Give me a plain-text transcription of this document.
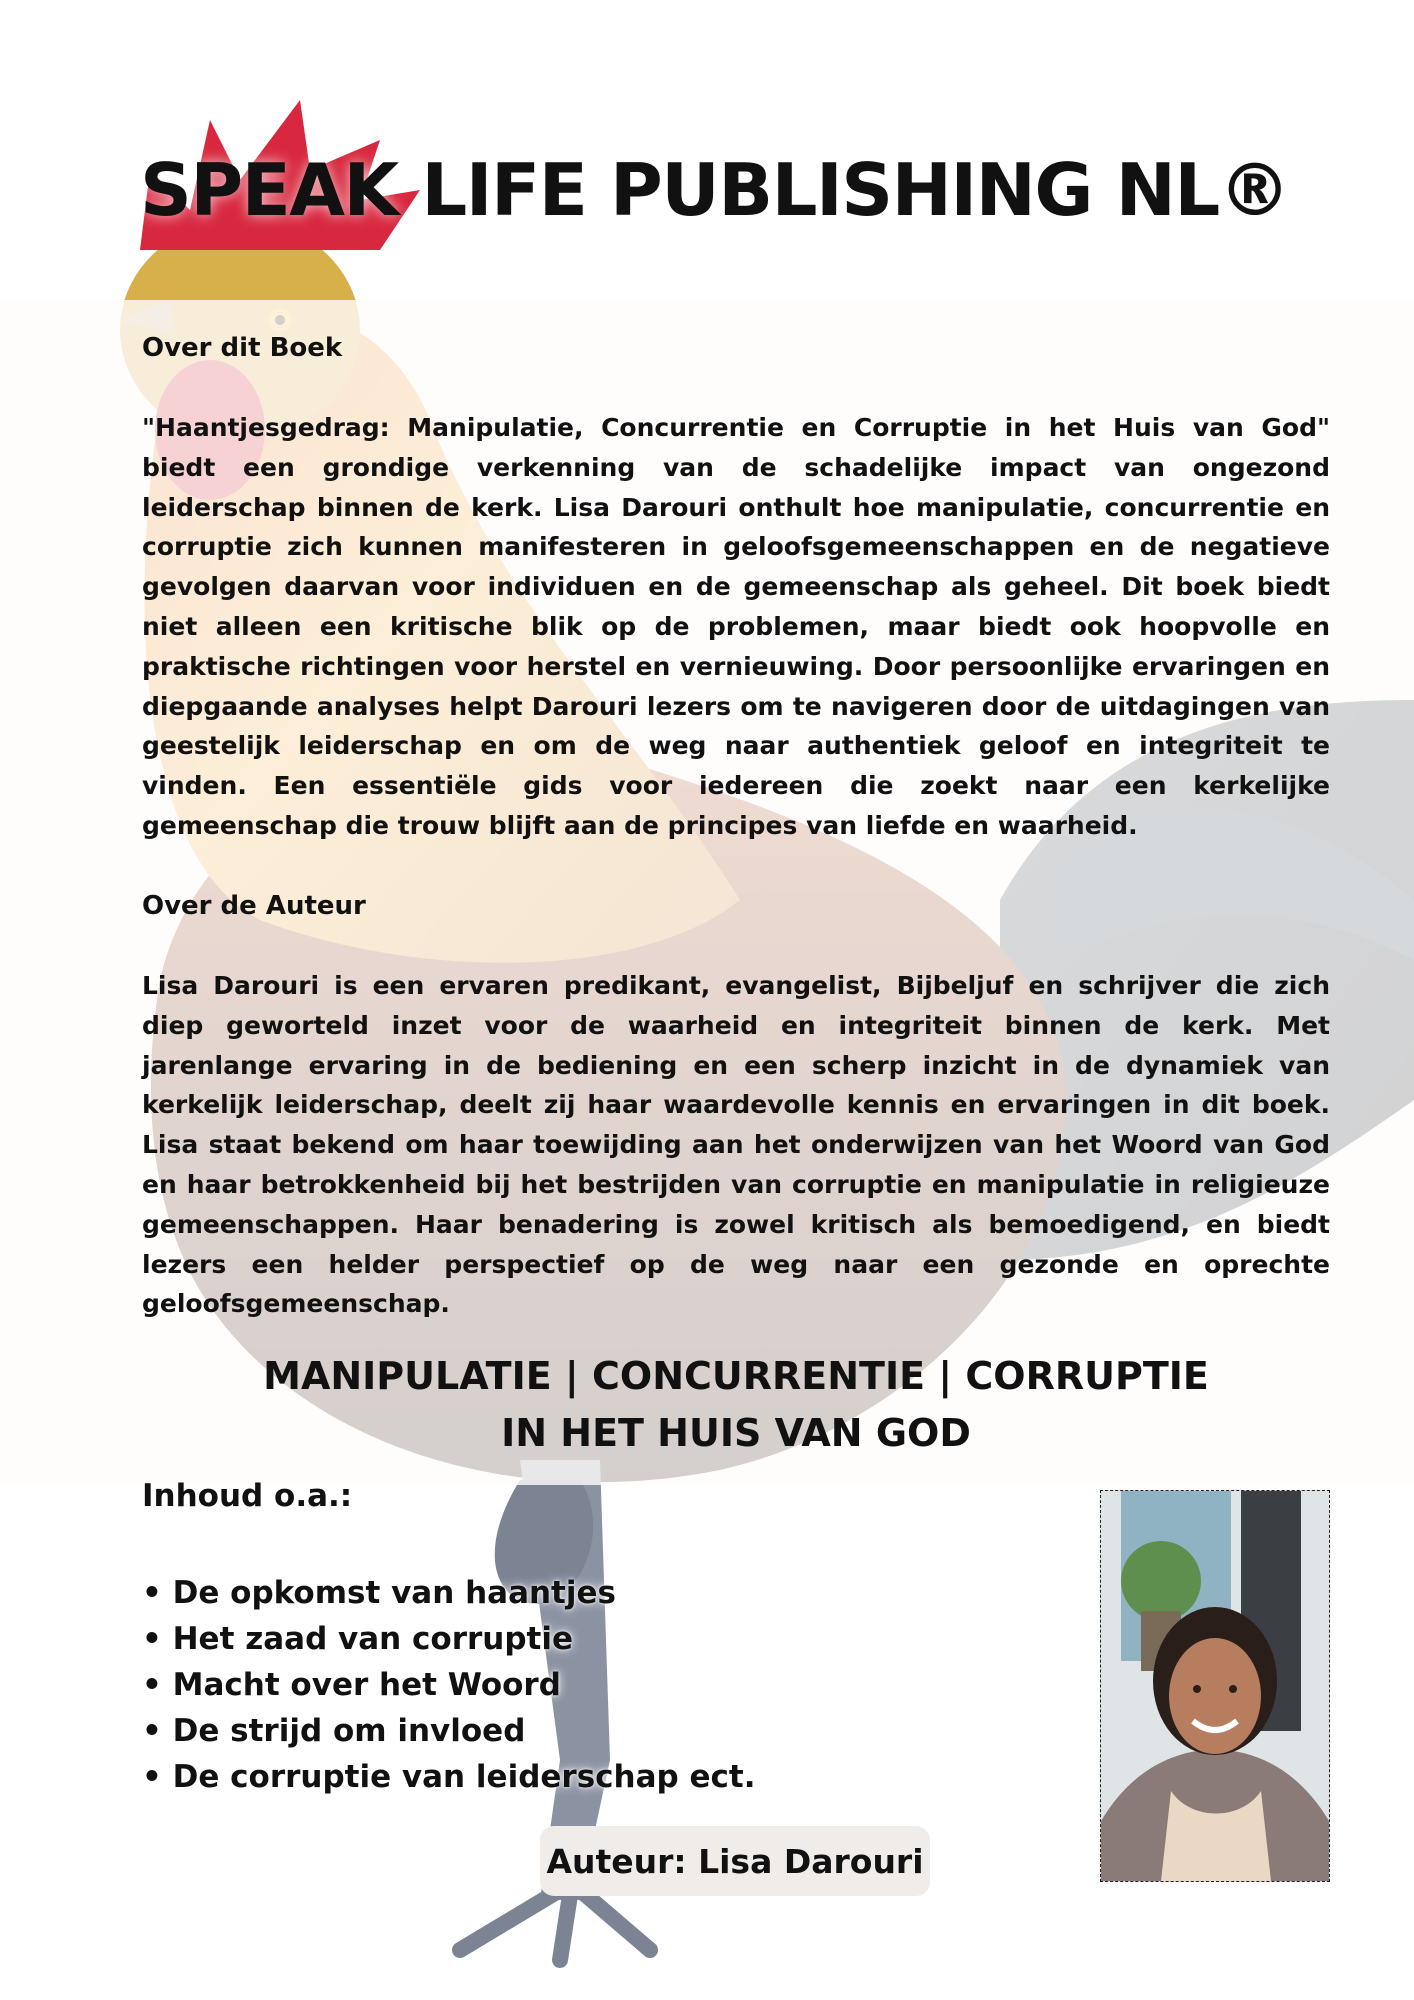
SPEAK LIFE PUBLISHING NL®
Over dit Boek
"Haantjesgedrag: Manipulatie, Concurrentie en Corruptie in het Huis van God" biedt een grondige verkenning van de schadelijke impact van ongezond leiderschap binnen de kerk. Lisa Darouri onthult hoe manipulatie, concurrentie en corruptie zich kunnen manifesteren in geloofsgemeenschappen en de negatieve gevolgen daarvan voor individuen en de gemeenschap als geheel. Dit boek biedt niet alleen een kritische blik op de problemen, maar biedt ook hoopvolle en praktische richtingen voor herstel en vernieuwing. Door persoonlijke ervaringen en diepgaande analyses helpt Darouri lezers om te navigeren door de uitdagingen van geestelijk leiderschap en om de weg naar authentiek geloof en integriteit te vinden. Een essentiële gids voor iedereen die zoekt naar een kerkelijke gemeenschap die trouw blijft aan de principes van liefde en waarheid.
Over de Auteur
Lisa Darouri is een ervaren predikant, evangelist, Bijbeljuf en schrijver die zich diep geworteld inzet voor de waarheid en integriteit binnen de kerk. Met jarenlange ervaring in de bediening en een scherp inzicht in de dynamiek van kerkelijk leiderschap, deelt zij haar waardevolle kennis en ervaringen in dit boek. Lisa staat bekend om haar toewijding aan het onderwijzen van het Woord van God en haar betrokkenheid bij het bestrijden van corruptie en manipulatie in religieuze gemeenschappen. Haar benadering is zowel kritisch als bemoedigend, en biedt lezers een helder perspectief op de weg naar een gezonde en oprechte geloofsgemeenschap.
MANIPULATIE | CONCURRENTIE | CORRUPTIE
IN HET HUIS VAN GOD
Inhoud o.a.:
• De opkomst van haantjes
• Het zaad van corruptie
• Macht over het Woord
• De strijd om invloed
• De corruptie van leiderschap ect.
Auteur: Lisa Darouri
